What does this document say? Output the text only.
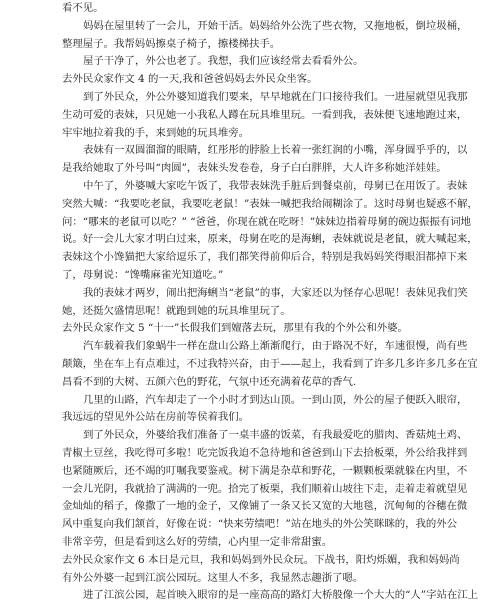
看不见。
妈妈在屋里转了一会儿，开始干活。妈妈给外公洗了些衣物，又拖地板，倒垃圾桶，
整理屋子。我帮妈妈擦桌子椅子，擦楼梯扶手。
屋子干净了，外公也老了。我想，我们应该经常去看看外公。
去外民众家作文 4 的一天,我和爸爸妈妈去外民众坐客。
到了外民众，外公外婆知道我们要来，早早地就在门口接待我们。一进屋就望见我那
生动可爱的表妹，只见她一小我私人蹲在玩具堆里玩。一看到我，表妹便飞速地跑过来，
牢牢地拉着我的手，来到她的玩具堆旁。
表妹有一双圆溜溜的眼睛，红彤彤的脖脸上长着一张红润的小嘴，浑身圆乎乎的，以
是我给她取了外号叫“肉圆”，表妹头发卷卷，身子白白胖胖，大人许多称她洋娃娃。
中午了，外婆喊大家吃午饭了，我带表妹洗手脏后到餐桌前，母舅已在用饭了。表妹
突然大喊：“我要吃老鼠，我要吃老鼠！”表妹一喊把我给闹糊涂了。这时母舅也疑惑不解，
问：“哪来的老鼠可以吃？” “爸爸，你现在就在吃呀！”妹妹边指着母舅的碗边振振有词地
说。好一会儿大家才明白过来，原来，母舅在吃的是海蜊，表妹就说是老鼠，就大喊起来，
表妹这个小馋猫把大家给逗乐了，我们都笑得前仰后合，特别是我妈妈笑得眼泪都掉下来
了，母舅说：“馋嘴麻雀光知道吃。”
我的表妹才两岁，闹出把海蜊当“老鼠”的事，大家还以为怪存心思呢！表妹见我们笑
她，还挺欠盛情思呢！就跑到她的玩具堆里玩了。
去外民众家作文 5 “十一”长假我们到嬗落去玩，那里有我的个外公和外婆。
汽车载着我们象蜗牛一样在盘山公路上渐渐爬行，由于路况不好，车速很慢，尚有些
颠簸，坐在车上有点难过，不过我特兴奋，由于——起上，我看到了许多几多许多几多在宜
昌看不到的大树、五颜六色的野花，气氛中还充满着花草的香气.
几里的山路，汽车却走了一个小时才到达山顶。一到山顶，外公的屋子便跃入眼帘，
我远远的望见外公站在房前等侯着我们。
到了外民众，外婆给我们准备了一桌丰盛的饭菜，有我最爱吃的腊肉、香菇炖土鸡、
青椒土豆丝，我吃得可多啦！吃完饭我迫不急待地和爸爸到山下去拾板栗，外公给我拌到
也紧随厥后，还不竭的叮嘱我要鉴戒。树下满是杂草和野花，一颗颗板栗就躲在内里，不
一会儿光阴，我就拾了满满的一兜。拾完了板栗，我们顺着山坡往下走，走着走着就望见
金灿灿的稻子，像撒了一地的金子，又像铺了一条又长又宽的大地毯，沉甸甸的谷穗在微
风中重复向我们颔首，好像在说：“快来劳绩吧！”站在地头的外公笑眯眯的，我的外公
非常辛劳，但是看到这么好的劳绩，心内里一定非常甜蜜。
去外民众家作文 6 本日是元旦，我和妈妈到外民众玩。下战书，阳灼烁媚，我和妈妈尚
有外公外婆一起到江滨公园玩。这里人不多，我显然志趣浙了嗯。
进了江滨公园，起首映入眼帘的是一座高高的路灯大桥般像一个大大的“人”字站在江上
